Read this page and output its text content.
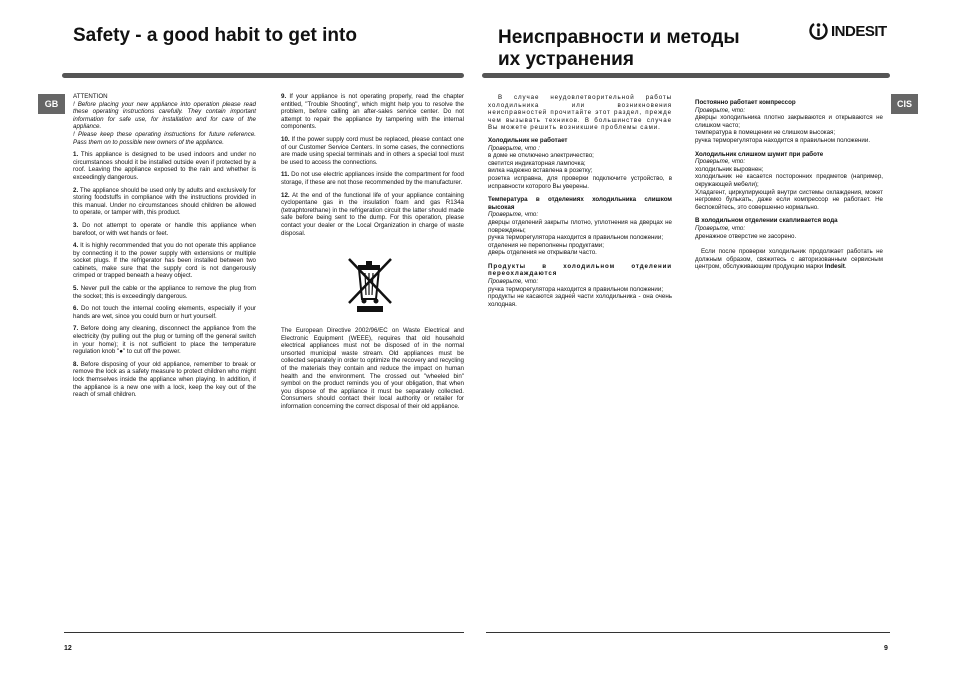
Safety - a good habit to get into
GB

ATTENTION

! Before placing your new appliance into operation please read these operating instructions carefully. They contain important information for safe use, for installation and for care of the appliance.

! Please keep these operating instructions for future reference. Pass them on to possible new owners of the appliance.

1. This appliance is designed to be used indoors and under no circumstances should it be installed outside even if protected by a roof. Leaving the appliance exposed to the rain and whether is exceedingly dangerous.

2. The appliance should be used only by adults and exclusively for storing foodstuffs in compliance with the instructions provided in this manual. Under no circumstances should children be allowed to operate, or tamper with, this product.

3. Do not attempt to operate or handle this appliance when barefoot, or with wet hands or feet.

4. It is highly recommended that you do not operate this appliance by connecting it to the power supply with extensions or multiple socket plugs. If the refrigerator has been installed between two cabinets, make sure that the supply cord is not dangerously crimped or trapped beneath a heavy object.

5. Never pull the cable or the appliance to remove the plug from the socket; this is exceedingly dangerous.

6. Do not touch the internal cooling elements, especially if your hands are wet, since you could burn or hurt yourself.

7. Before doing any cleaning, disconnect the appliance from the electricity (by pulling out the plug or turning off the general switch in your home); it is not sufficient to place the temperature regulation knob "●" to cut off the power.

8. Before disposing of your old appliance, remember to break or remove the lock as a safety measure to protect children who might lock themselves inside the appliance when playing. In addition, if the appliance is a new one with a lock, keep the key out of the reach of small children.

9. If your appliance is not operating properly, read the chapter entitled, "Trouble Shooting", which might help you to resolve the problem, before calling an after-sales service center. Do not attempt to repair the appliance by tampering with the internal components.

10. If the power supply cord must be replaced, please contact one of our Customer Service Centers. In some cases, the connections are made using special terminals and in others a special tool must be used to access the connections.

11. Do not use electric appliances inside the compartment for food storage, if these are not those recommended by the manufacturer.

12. At the end of the functional life of your appliance containing cyclopentane gas in the insulation foam and gas R134a (tetraphtorethane) in the refrigeration circuit the latter should made safe before being sent to the dump. For this operation, please contact your dealer or the Local Organization in charge of waste disposal.

The European Directive 2002/96/EC on Waste Electrical and Electronic Equipment (WEEE), requires that old household electrical appliances must not be disposed of in the normal unsorted municipal waste stream. Old appliances must be collected separately in order to optimize the recovery and recycling of the materials they contain and reduce the impact on human health and the environment. The crossed out "wheeled bin" symbol on the product reminds you of your obligation, that when you dispose of the appliance it must be separately collected. Consumers should contact their local authority or retailer for information concerning the correct disposal of their old appliance.

12
Неисправности и методы
их устранения
INDESIT
CIS

В случае неудовлетворительной работы холодильника или возникновения неисправностей прочитайте этот раздел, прежде чем вызывать техников. В большинстве случае Вы можете решить возникшие проблемы сами.

Холодильник не работает
Проверьте, что :
в доме не отключено электричество;
светится индикаторная лампочка;
вилка надежно вставлена в розетку;
розетка исправна, для проверки подключите устройство, в исправности которого Вы уверены.
Температура в отделениях холодильника слишком высокая
Проверьте, что:
дверцы отделений закрыты плотно, уплотнения на дверцах не повреждены;
ручка терморегулятора находится в правильном положении;
отделения не переполнены продуктами;
дверь отделения не открывали часто.
Продукты в холодильном отделении переохлаждаются
Проверьте, что:
ручка терморегулятора находится в правильном положении;
продукты не касаются задней части холодильника - она очень холодная.
Постоянно работает компрессор
Проверьте, что:
дверцы холодильника плотно закрываются и открываются не слишком часто;
температура в помещении не слишком высокая;
ручка терморегулятора находится в правильном положении.
Холодильник слишком шумит при работе
Проверьте, что:
холодильник выровнен;
холодильник не касается посторонних предметов (например, окружающей мебели);
Хладагент, циркулирующий внутри системы охлаждения, может негромко булькать, даже если компрессор не работает. Не беспокойтесь, это совершенно нормально.
В холодильном отделении скапливается вода
Проверьте, что:
дренажное отверстие не засорено.

Если после проверки холодильник продолжает работать не должным образом, свяжитесь с авторизованным сервисным центром, обслуживающим продукцию марки Indesit.

9
